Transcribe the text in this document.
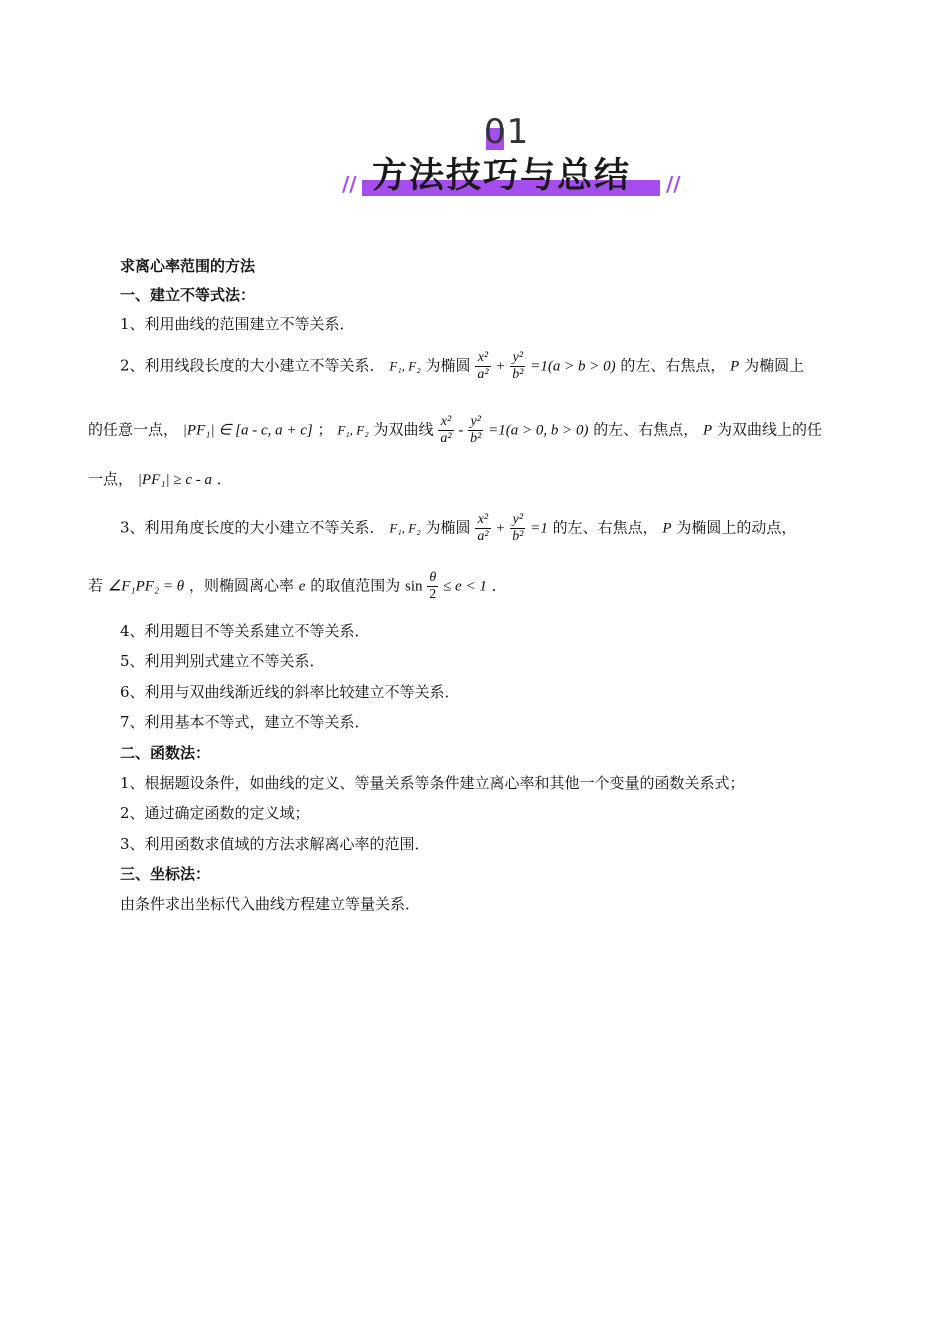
01
// 方法技巧与总结 //
求离心率范围的方法
一、建立不等式法：
1、利用曲线的范围建立不等关系．
2、利用线段长度的大小建立不等关系． F₁, F₂ 为椭圆 $\frac{\text{x²}}{\text{a²}} + \frac{\text{y²}}{\text{b²}} =1(a > b > 0)$ 的左、右焦点， P 为椭圆上
的任意一点， |PF₁| ∈ [a - c, a + c] ； F₁, F₂ 为双曲线 $\frac{\text{x²}}{\text{a²}} - \frac{\text{y²}}{\text{b²}} =1(a > 0$, b > 0) 的左、右焦点， P 为双曲线上的任
一点， |PF₁| ≥ c - a ．
3、利用角度长度的大小建立不等关系． F₁, F₂ 为椭圆 $\frac{\text{x²}}{\text{a²}} + \frac{\text{y²}}{\text{b²}} =1$ 的左、右焦点， P 为椭圆上的动点，
若 ∠F₁PF₂ = θ ，则椭圆离心率 e 的取值范围为 $\sin \frac{\theta}{2} \le e < 1$ ．
4、利用题目不等关系建立不等关系．
5、利用判别式建立不等关系．
6、利用与双曲线渐近线的斜率比较建立不等关系．
7、利用基本不等式，建立不等关系．
二、函数法：
1、根据题设条件，如曲线的定义、等量关系等条件建立离心率和其他一个变量的函数关系式；
2、通过确定函数的定义域；
3、利用函数求值域的方法求解离心率的范围．
三、坐标法：
由条件求出坐标代入曲线方程建立等量关系．
